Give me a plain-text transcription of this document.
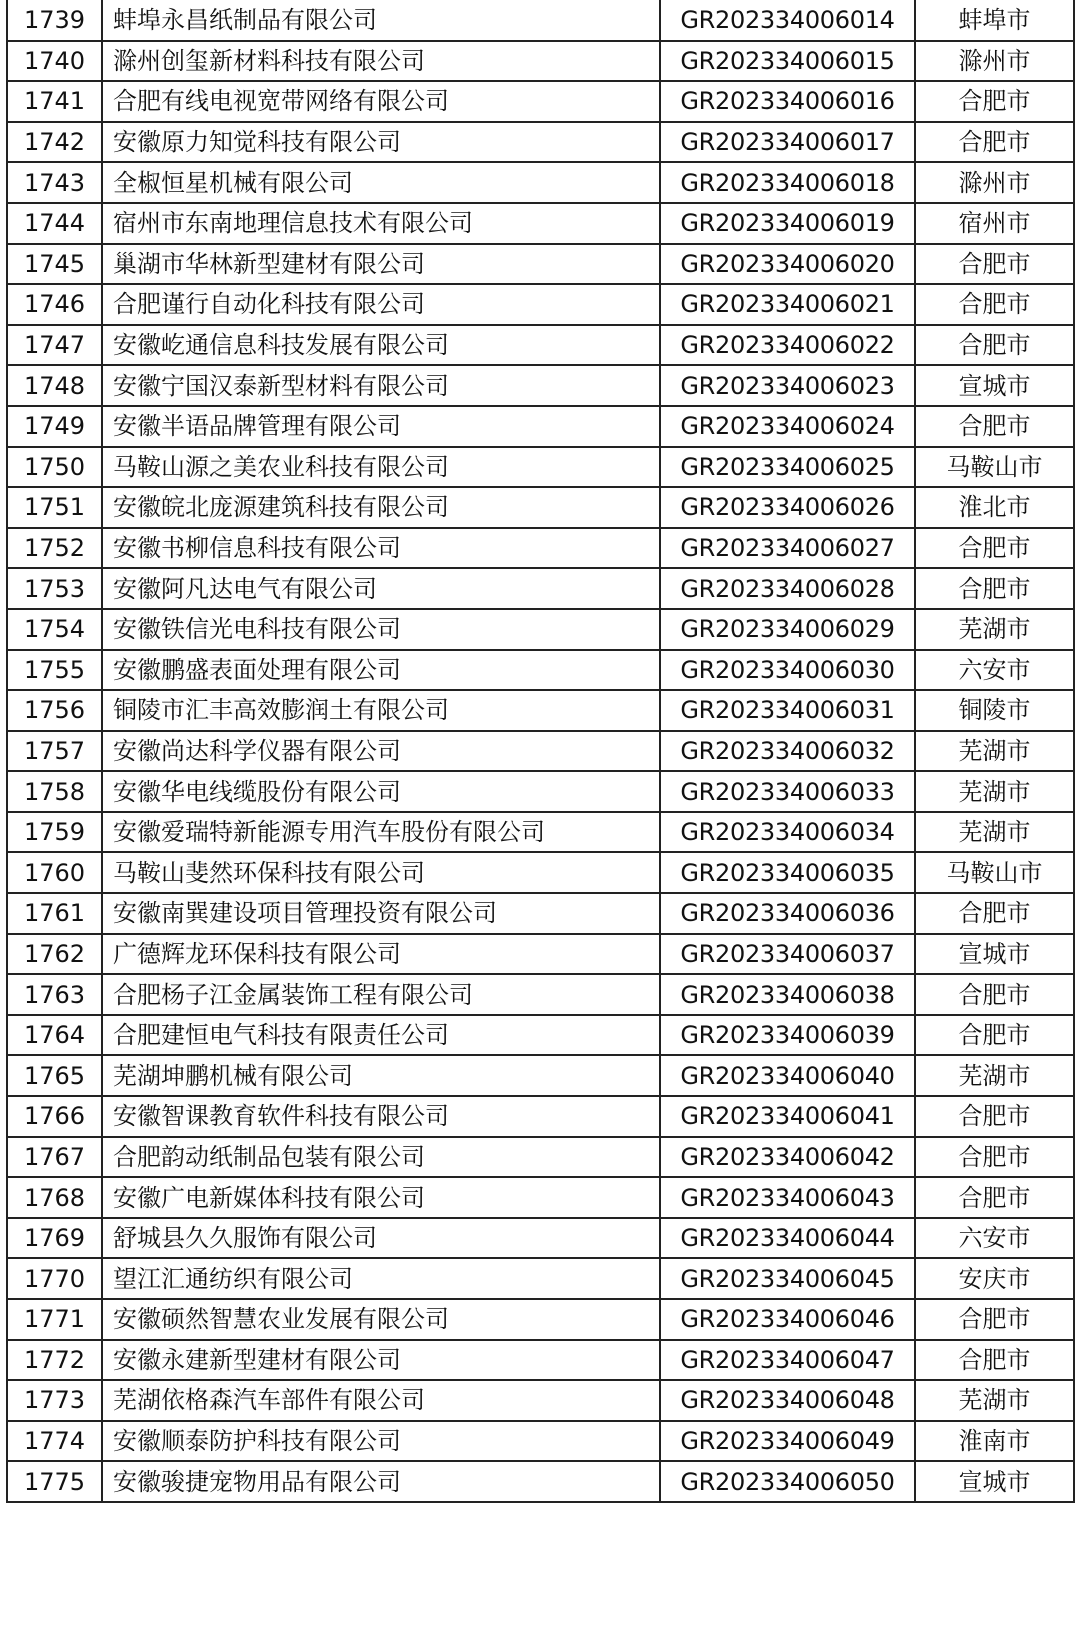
1739	蚌埠永昌纸制品有限公司	GR202334006014	蚌埠市
1740	滁州创玺新材料科技有限公司	GR202334006015	滁州市
1741	合肥有线电视宽带网络有限公司	GR202334006016	合肥市
1742	安徽原力知觉科技有限公司	GR202334006017	合肥市
1743	全椒恒星机械有限公司	GR202334006018	滁州市
1744	宿州市东南地理信息技术有限公司	GR202334006019	宿州市
1745	巢湖市华林新型建材有限公司	GR202334006020	合肥市
1746	合肥谨行自动化科技有限公司	GR202334006021	合肥市
1747	安徽屹通信息科技发展有限公司	GR202334006022	合肥市
1748	安徽宁国汉泰新型材料有限公司	GR202334006023	宣城市
1749	安徽半语品牌管理有限公司	GR202334006024	合肥市
1750	马鞍山源之美农业科技有限公司	GR202334006025	马鞍山市
1751	安徽皖北庞源建筑科技有限公司	GR202334006026	淮北市
1752	安徽书柳信息科技有限公司	GR202334006027	合肥市
1753	安徽阿凡达电气有限公司	GR202334006028	合肥市
1754	安徽铁信光电科技有限公司	GR202334006029	芜湖市
1755	安徽鹏盛表面处理有限公司	GR202334006030	六安市
1756	铜陵市汇丰高效膨润土有限公司	GR202334006031	铜陵市
1757	安徽尚达科学仪器有限公司	GR202334006032	芜湖市
1758	安徽华电线缆股份有限公司	GR202334006033	芜湖市
1759	安徽爱瑞特新能源专用汽车股份有限公司	GR202334006034	芜湖市
1760	马鞍山斐然环保科技有限公司	GR202334006035	马鞍山市
1761	安徽南巽建设项目管理投资有限公司	GR202334006036	合肥市
1762	广德辉龙环保科技有限公司	GR202334006037	宣城市
1763	合肥杨子江金属装饰工程有限公司	GR202334006038	合肥市
1764	合肥建恒电气科技有限责任公司	GR202334006039	合肥市
1765	芜湖坤鹏机械有限公司	GR202334006040	芜湖市
1766	安徽智课教育软件科技有限公司	GR202334006041	合肥市
1767	合肥韵动纸制品包装有限公司	GR202334006042	合肥市
1768	安徽广电新媒体科技有限公司	GR202334006043	合肥市
1769	舒城县久久服饰有限公司	GR202334006044	六安市
1770	望江汇通纺织有限公司	GR202334006045	安庆市
1771	安徽硕然智慧农业发展有限公司	GR202334006046	合肥市
1772	安徽永建新型建材有限公司	GR202334006047	合肥市
1773	芜湖依格森汽车部件有限公司	GR202334006048	芜湖市
1774	安徽顺泰防护科技有限公司	GR202334006049	淮南市
1775	安徽骏捷宠物用品有限公司	GR202334006050	宣城市
